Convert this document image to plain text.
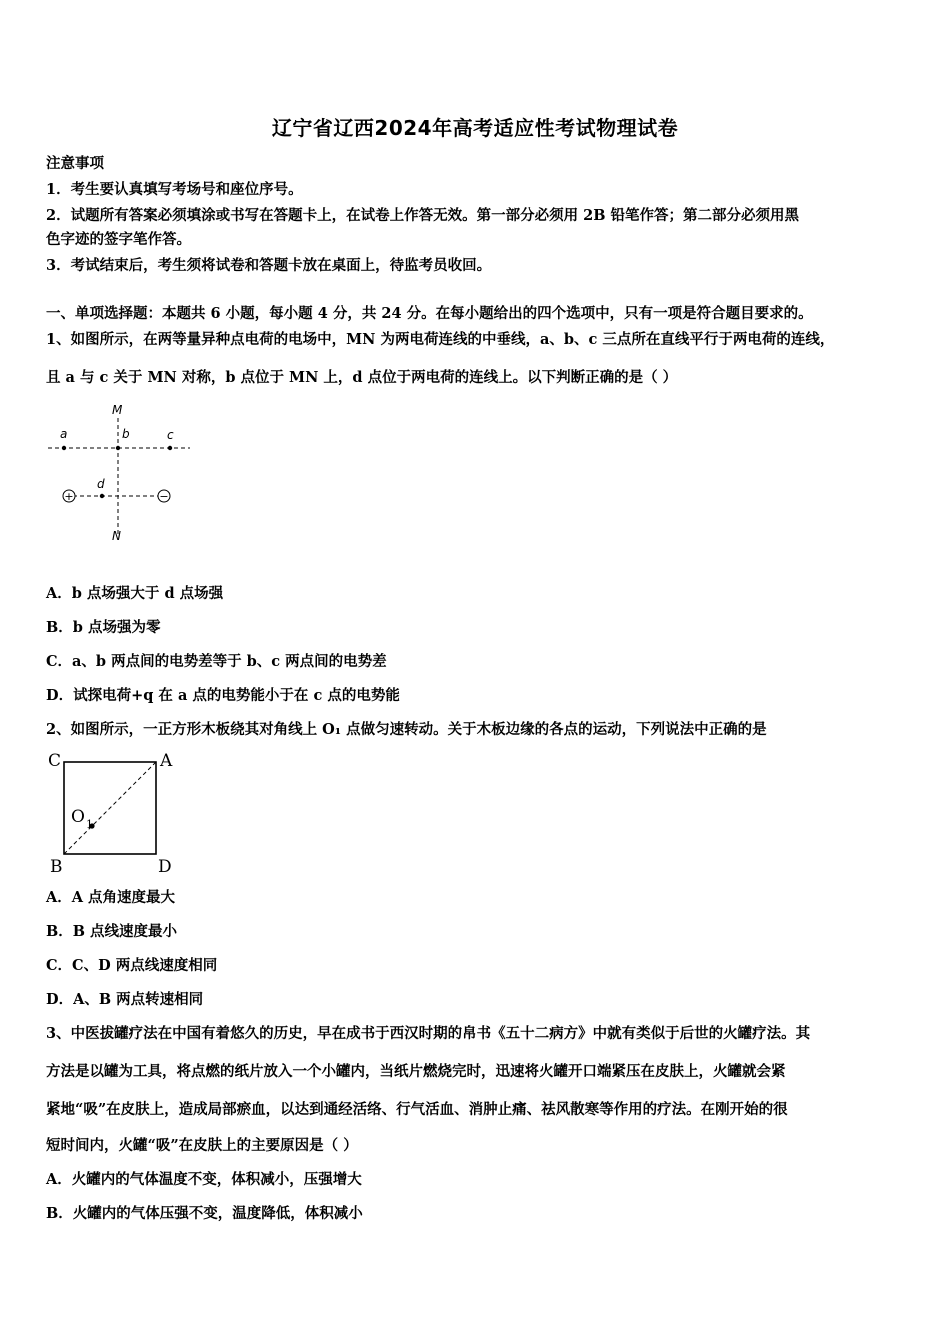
辽宁省辽西2024年高考适应性考试物理试卷
注意事项
1．考生要认真填写考场号和座位序号。
2．试题所有答案必须填涂或书写在答题卡上，在试卷上作答无效。第一部分必须用 2B 铅笔作答；第二部分必须用黑
色字迹的签字笔作答。
3．考试结束后，考生须将试卷和答题卡放在桌面上，待监考员收回。
一、单项选择题：本题共 6 小题，每小题 4 分，共 24 分。在每小题给出的四个选项中，只有一项是符合题目要求的。
1、如图所示，在两等量异种点电荷的电场中，MN 为两电荷连线的中垂线，a、b、c 三点所在直线平行于两电荷的连线，
且 a 与 c 关于 MN 对称，b 点位于 MN 上，d 点位于两电荷的连线上。以下判断正确的是（ ）
+	−
M
N
a	b	c
d
A．b 点场强大于 d 点场强
B．b 点场强为零
C．a、b 两点间的电势差等于 b、c 两点间的电势差
D．试探电荷+q 在 a 点的电势能小于在 c 点的电势能
2、如图所示，一正方形木板绕其对角线上 O₁ 点做匀速转动。关于木板边缘的各点的运动，下列说法中正确的是
C	A
B	D
O 1
A．A 点角速度最大
B．B 点线速度最小
C．C、D 两点线速度相同
D．A、B 两点转速相同
3、中医拔罐疗法在中国有着悠久的历史，早在成书于西汉时期的帛书《五十二病方》中就有类似于后世的火罐疗法。其
方法是以罐为工具，将点燃的纸片放入一个小罐内，当纸片燃烧完时，迅速将火罐开口端紧压在皮肤上，火罐就会紧
紧地“吸”在皮肤上，造成局部瘀血，以达到通经活络、行气活血、消肿止痛、祛风散寒等作用的疗法。在刚开始的很
短时间内，火罐“吸”在皮肤上的主要原因是（ ）
A．火罐内的气体温度不变，体积减小，压强增大
B．火罐内的气体压强不变，温度降低，体积减小
